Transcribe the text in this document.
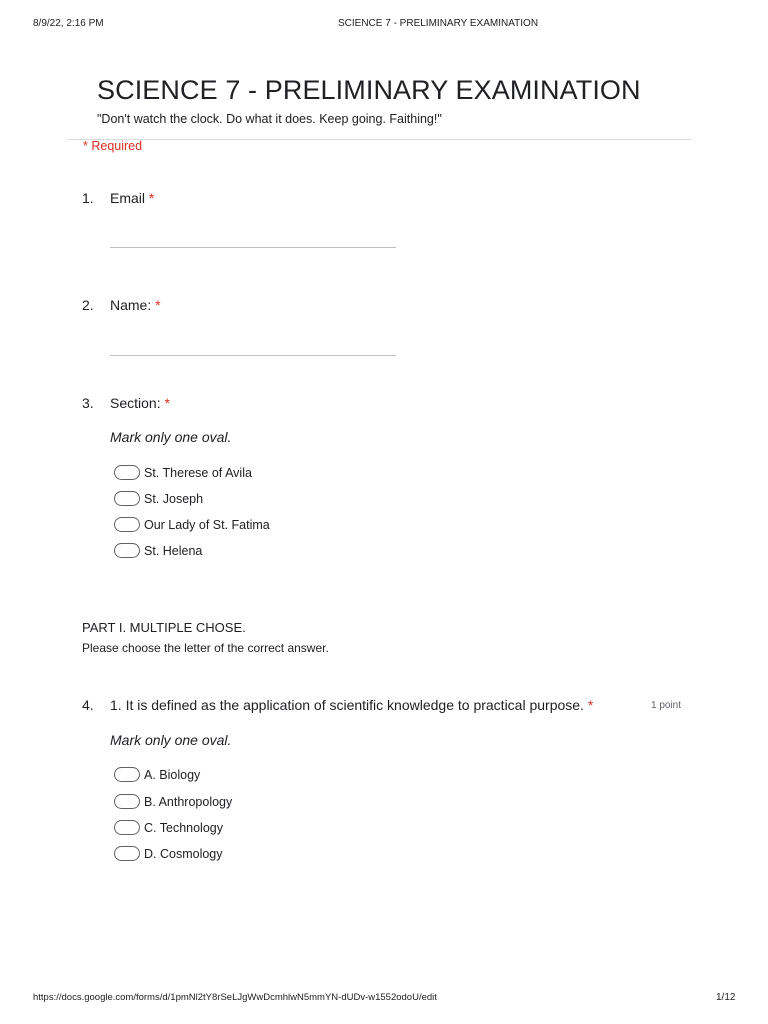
8/9/22, 2:16 PM	SCIENCE 7 - PRELIMINARY EXAMINATION
SCIENCE 7 - PRELIMINARY EXAMINATION
"Don't watch the clock. Do what it does. Keep going. Faithing!"
* Required
1. Email *
2. Name: *
3. Section: *
Mark only one oval.
St. Therese of Avila
St. Joseph
Our Lady of St. Fatima
St. Helena
PART I. MULTIPLE CHOSE.
Please choose the letter of the correct answer.
4. 1. It is defined as the application of scientific knowledge to practical purpose. *	1 point
Mark only one oval.
A. Biology
B. Anthropology
C. Technology
D. Cosmology
https://docs.google.com/forms/d/1pmNl2tY8rSeLJgWwDcmhlwN5mmYN-dUDv-w1552odoU/edit	1/12
